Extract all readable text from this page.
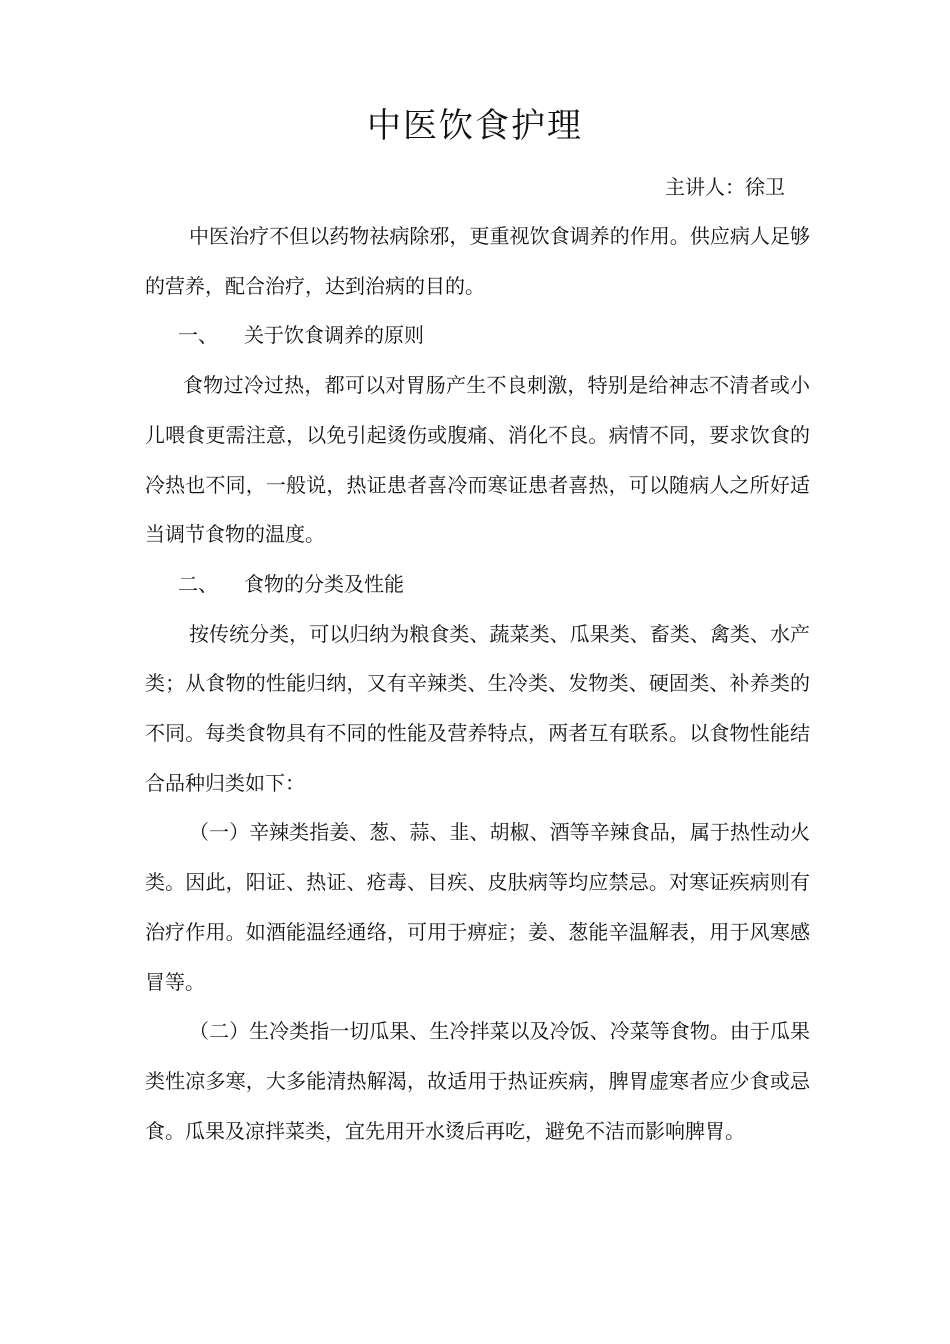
中医饮食护理
主讲人：徐卫

中医治疗不但以药物祛病除邪，更重视饮食调养的作用。供应病人足够的营养，配合治疗，达到治病的目的。

一、 关于饮食调养的原则

食物过冷过热，都可以对胃肠产生不良刺激，特别是给神志不清者或小儿喂食更需注意，以免引起烫伤或腹痛、消化不良。病情不同，要求饮食的冷热也不同，一般说，热证患者喜冷而寒证患者喜热，可以随病人之所好适当调节食物的温度。

二、 食物的分类及性能

按传统分类，可以归纳为粮食类、蔬菜类、瓜果类、畜类、禽类、水产类；从食物的性能归纳，又有辛辣类、生冷类、发物类、硬固类、补养类的不同。每类食物具有不同的性能及营养特点，两者互有联系。以食物性能结合品种归类如下：

（一）辛辣类指姜、葱、蒜、韭、胡椒、酒等辛辣食品，属于热性动火类。因此，阳证、热证、疮毒、目疾、皮肤病等均应禁忌。对寒证疾病则有治疗作用。如酒能温经通络，可用于痹症；姜、葱能辛温解表，用于风寒感冒等。

（二）生冷类指一切瓜果、生冷拌菜以及冷饭、冷菜等食物。由于瓜果类性凉多寒，大多能清热解渴，故适用于热证疾病，脾胃虚寒者应少食或忌食。瓜果及凉拌菜类，宜先用开水烫后再吃，避免不洁而影响脾胃。
